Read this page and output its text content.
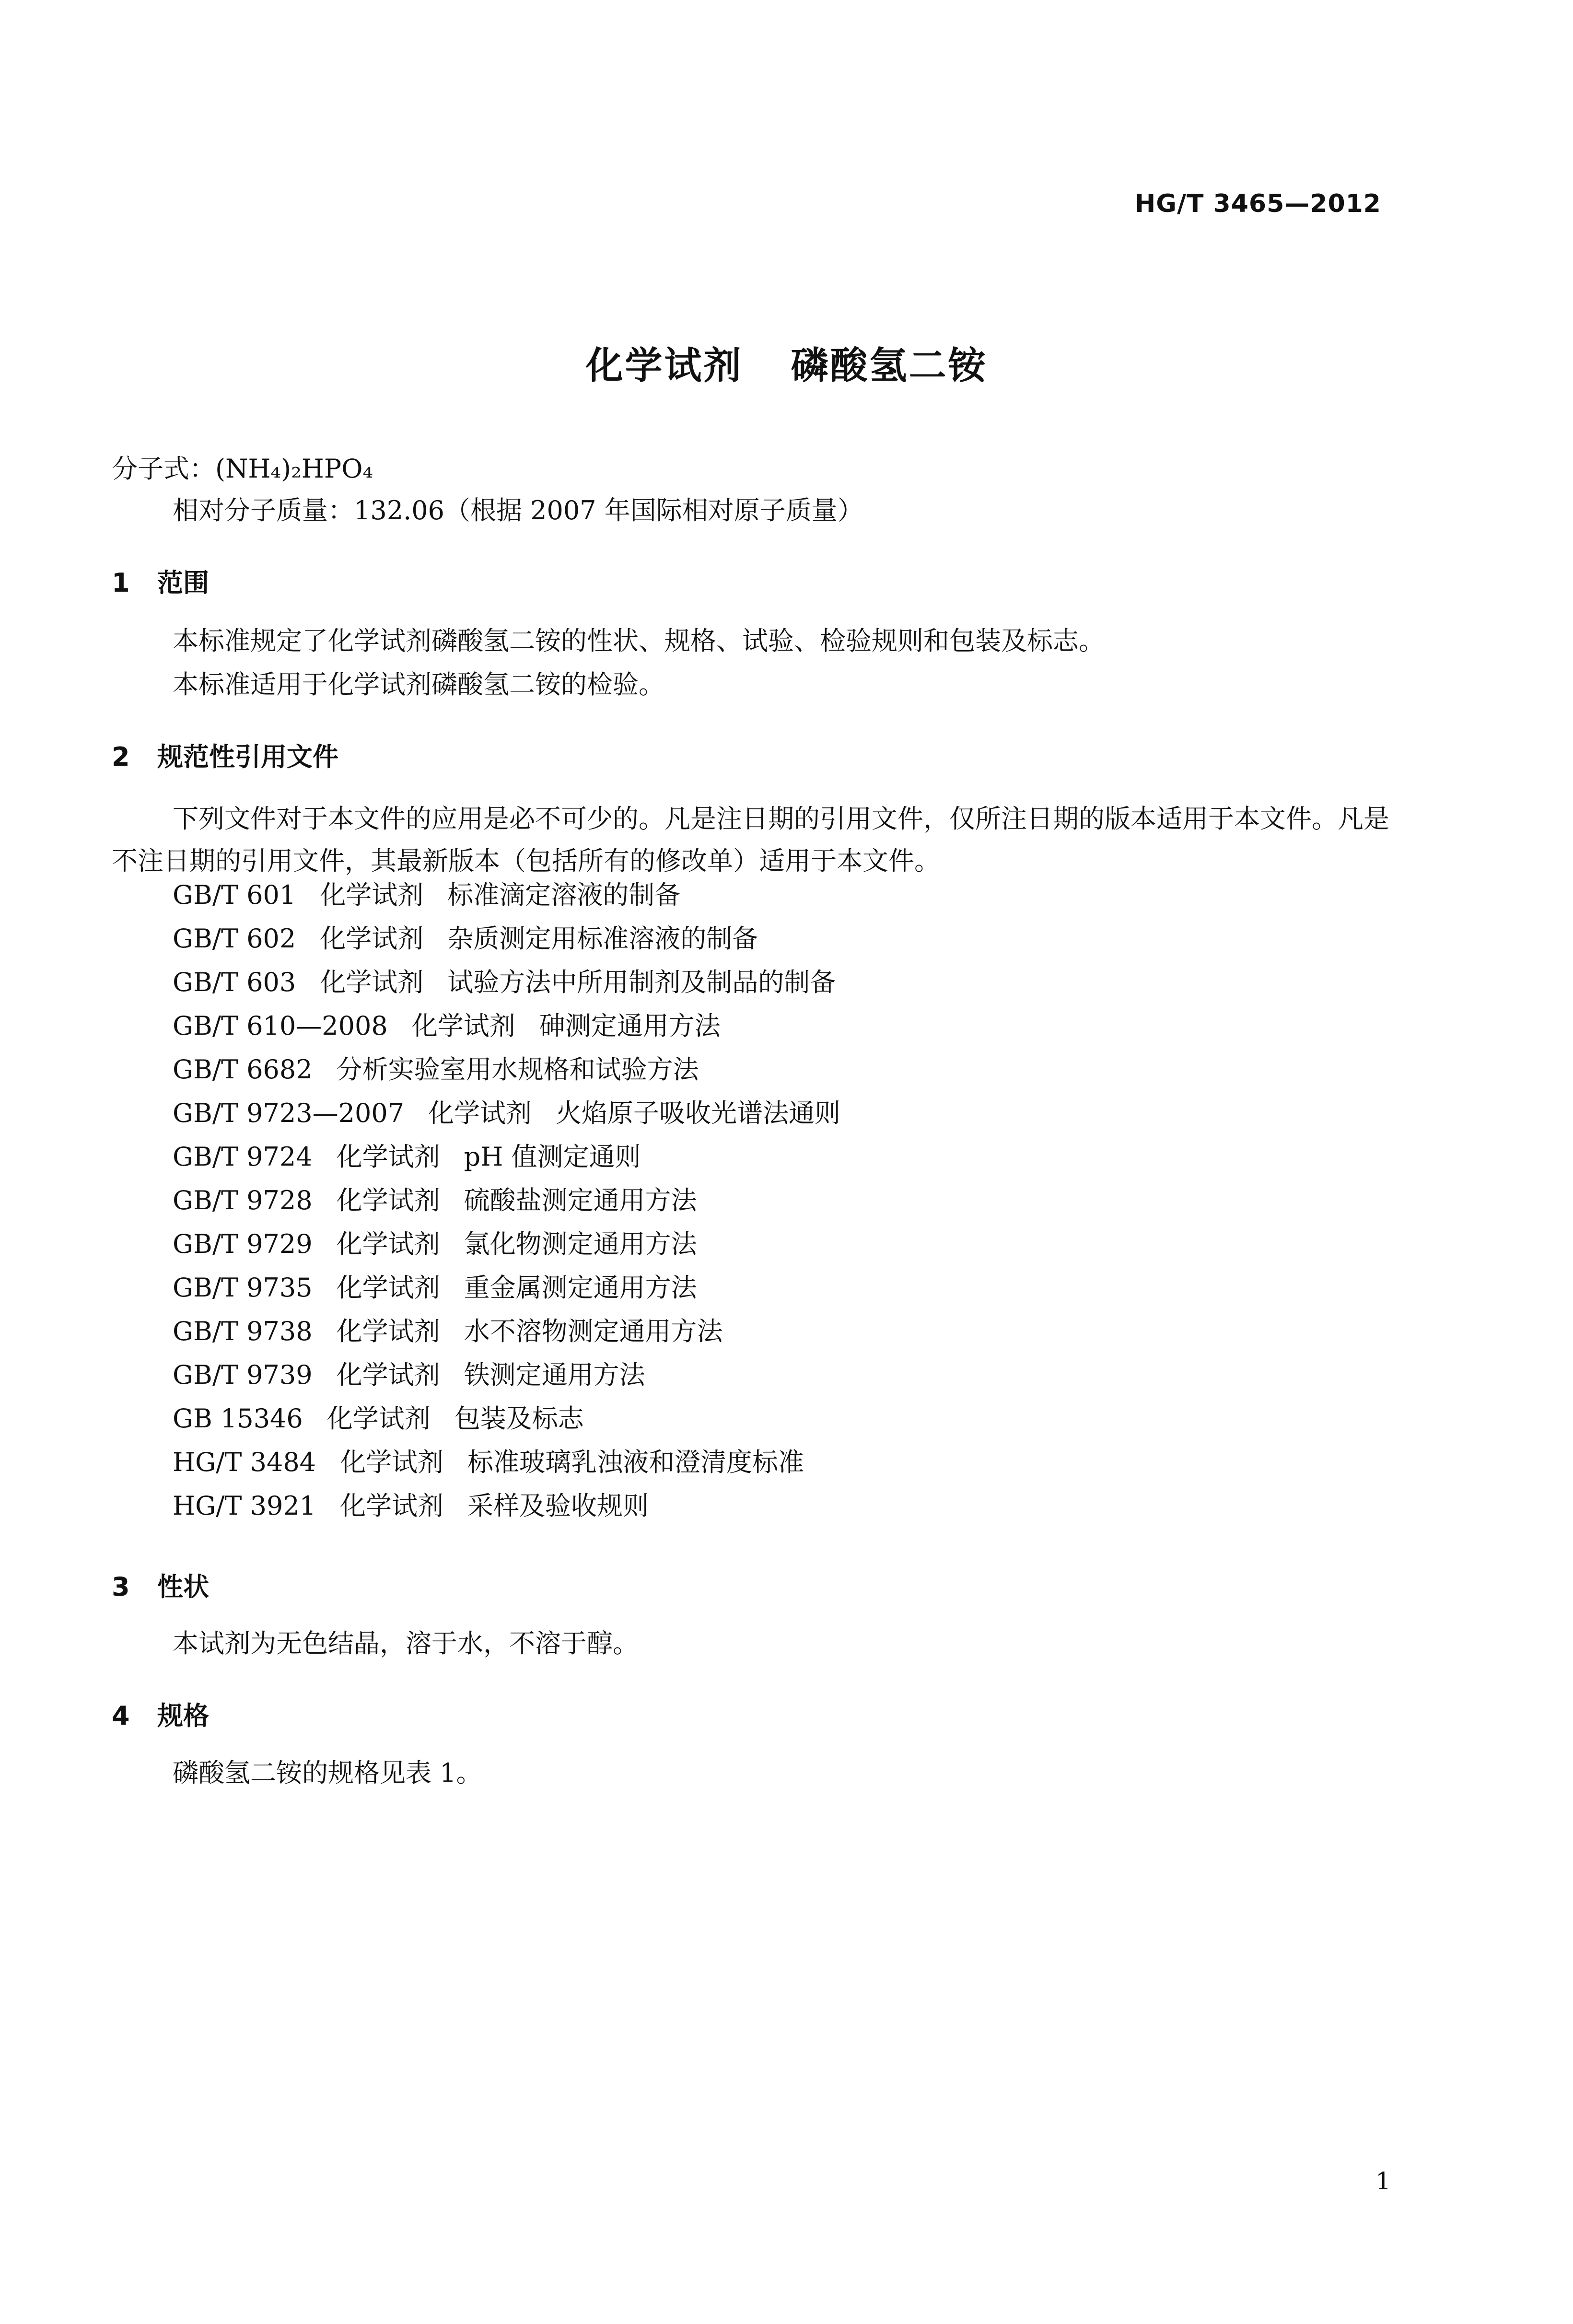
HG/T 3465—2012
化学试剂 磷酸氢二铵
分子式：(NH₄)₂HPO₄
相对分子质量：132.06（根据 2007 年国际相对原子质量）
1 范围
本标准规定了化学试剂磷酸氢二铵的性状、规格、试验、检验规则和包装及标志。
本标准适用于化学试剂磷酸氢二铵的检验。
2 规范性引用文件
下列文件对于本文件的应用是必不可少的。凡是注日期的引用文件，仅所注日期的版本适用于本文件。凡是不注日期的引用文件，其最新版本（包括所有的修改单）适用于本文件。
GB/T 601 化学试剂 标准滴定溶液的制备
GB/T 602 化学试剂 杂质测定用标准溶液的制备
GB/T 603 化学试剂 试验方法中所用制剂及制品的制备
GB/T 610—2008 化学试剂 砷测定通用方法
GB/T 6682 分析实验室用水规格和试验方法
GB/T 9723—2007 化学试剂 火焰原子吸收光谱法通则
GB/T 9724 化学试剂 pH 值测定通则
GB/T 9728 化学试剂 硫酸盐测定通用方法
GB/T 9729 化学试剂 氯化物测定通用方法
GB/T 9735 化学试剂 重金属测定通用方法
GB/T 9738 化学试剂 水不溶物测定通用方法
GB/T 9739 化学试剂 铁测定通用方法
GB 15346 化学试剂 包装及标志
HG/T 3484 化学试剂 标准玻璃乳浊液和澄清度标准
HG/T 3921 化学试剂 采样及验收规则
3 性状
本试剂为无色结晶，溶于水，不溶于醇。
4 规格
磷酸氢二铵的规格见表 1。
1
